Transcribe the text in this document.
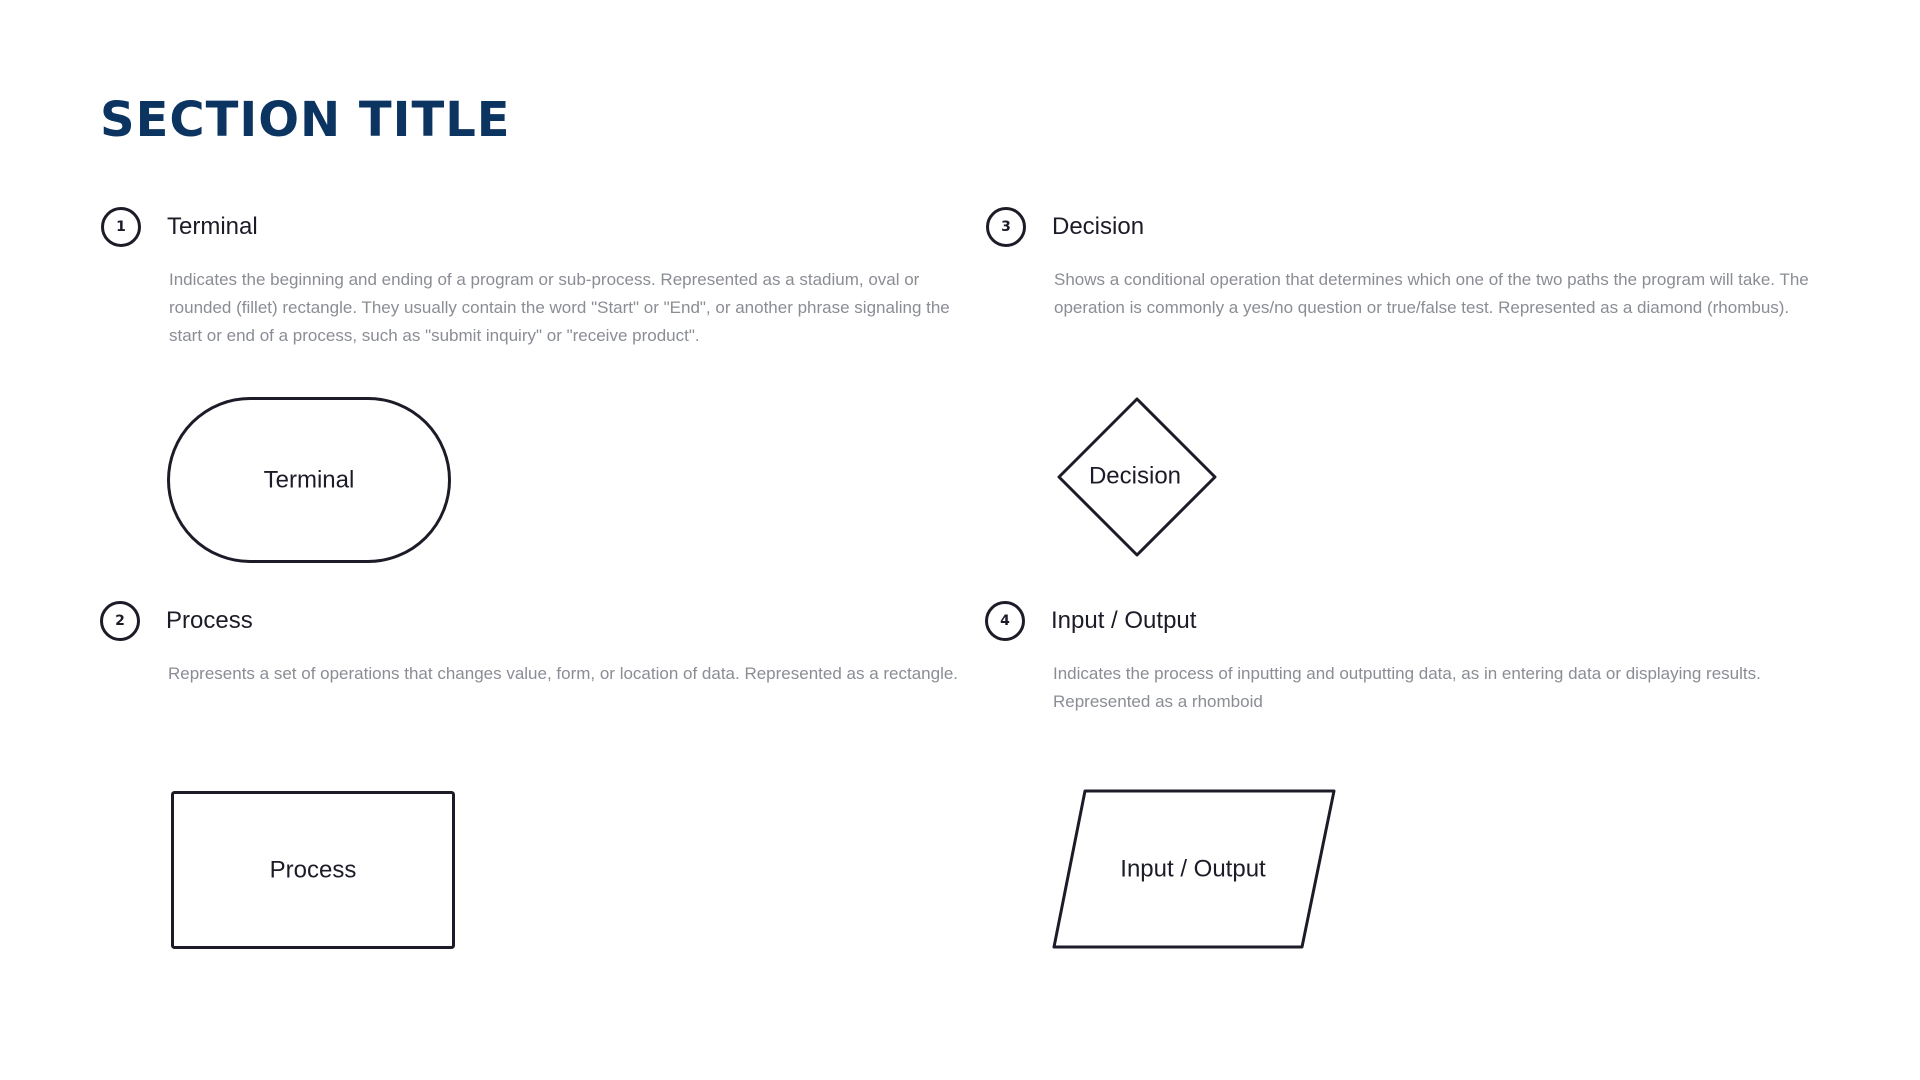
SECTION TITLE
1	Terminal

Indicates the beginning and ending of a program or sub-process. Represented as a stadium, oval or rounded (fillet) rectangle. They usually contain the word "Start" or "End", or another phrase signaling the start or end of a process, such as "submit inquiry" or "receive product".

Terminal
2	Process

Represents a set of operations that changes value, form, or location of data. Represented as a rectangle.

Process
3	Decision

Shows a conditional operation that determines which one of the two paths the program will take. The operation is commonly a yes/no question or true/false test. Represented as a diamond (rhombus).

Decision
4	Input / Output

Indicates the process of inputting and outputting data, as in entering data or displaying results. Represented as a rhomboid

Input / Output
